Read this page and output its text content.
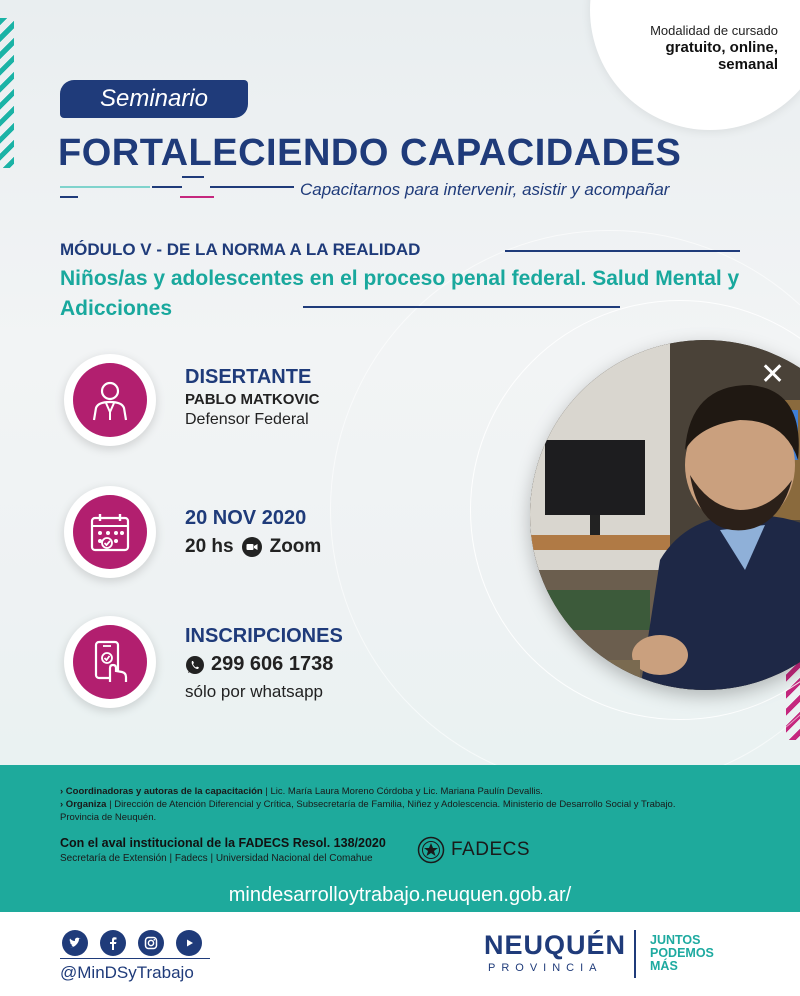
Modalidad de cursado
gratuito, online,
semanal
Seminario
FORTALECIENDO CAPACIDADES
Capacitarnos para intervenir, asistir y acompañar
MÓDULO V - DE LA NORMA A LA REALIDAD
Niños/as y adolescentes en el proceso penal federal. Salud Mental y Adicciones
✕
DISERTANTE
PABLO MATKOVIC
Defensor Federal
20 NOV 2020
20 hs Zoom
INSCRIPCIONES
299 606 1738
sólo por whatsapp
› Coordinadoras y autoras de la capacitación | Lic. María Laura Moreno Córdoba y Lic. Mariana Paulín Devallis.
› Organiza | Dirección de Atención Diferencial y Crítica, Subsecretaría de Familia, Niñez y Adolescencia. Ministerio de Desarrollo Social y Trabajo.
Provincia de Neuquén.
Con el aval institucional de la FADECS Resol. 138/2020
Secretaría de Extensión | Fadecs | Universidad Nacional del Comahue	FADECS
mindesarrolloytrabajo.neuquen.gob.ar/
@MinDSyTrabajo
NEUQUÉN
PROVINCIA
JUNTOS
PODEMOS
MÁS
